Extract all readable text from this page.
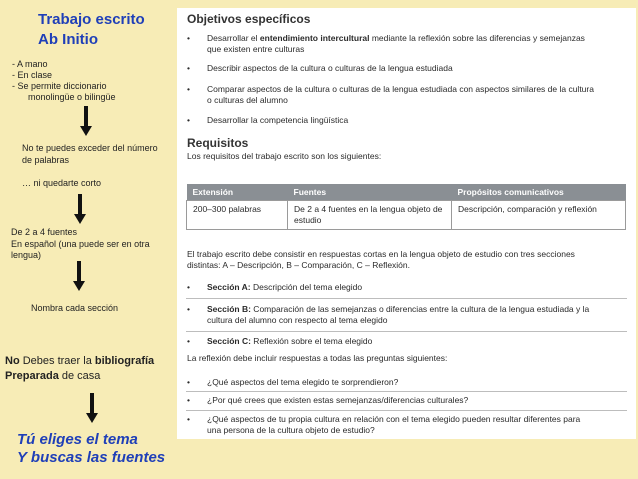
Trabajo escrito
Ab Initio
- A mano
- En clase
- Se permite diccionario
monolingüe o bilingüe
No te puedes exceder del número
de palabras
… ni quedarte corto
De 2 a 4 fuentes
En español (una puede ser en otra
lengua)
Nombra cada sección
No Debes traer la bibliografía
Preparada de casa
Tú eliges el tema
Y buscas las fuentes
Objetivos específicos
• Desarrollar el entendimiento intercultural mediante la reflexión sobre las diferencias y semejanzas
que existen entre culturas
• Describir aspectos de la cultura o culturas de la lengua estudiada
• Comparar aspectos de la cultura o culturas de la lengua estudiada con aspectos similares de la cultura
o culturas del alumno
• Desarrollar la competencia lingüística
Requisitos
Los requisitos del trabajo escrito son los siguientes:
Extensión	Fuentes	Propósitos comunicativos
200–300 palabras	De 2 a 4 fuentes en la lengua objeto de estudio	Descripción, comparación y reflexión
El trabajo escrito debe consistir en respuestas cortas en la lengua objeto de estudio con tres secciones
distintas: A – Descripción, B – Comparación, C – Reflexión.
• Sección A: Descripción del tema elegido
• Sección B: Comparación de las semejanzas o diferencias entre la cultura de la lengua estudiada y la
cultura del alumno con respecto al tema elegido
• Sección C: Reflexión sobre el tema elegido
La reflexión debe incluir respuestas a todas las preguntas siguientes:
• ¿Qué aspectos del tema elegido te sorprendieron?
• ¿Por qué crees que existen estas semejanzas/diferencias culturales?
• ¿Qué aspectos de tu propia cultura en relación con el tema elegido pueden resultar diferentes para
una persona de la cultura objeto de estudio?
